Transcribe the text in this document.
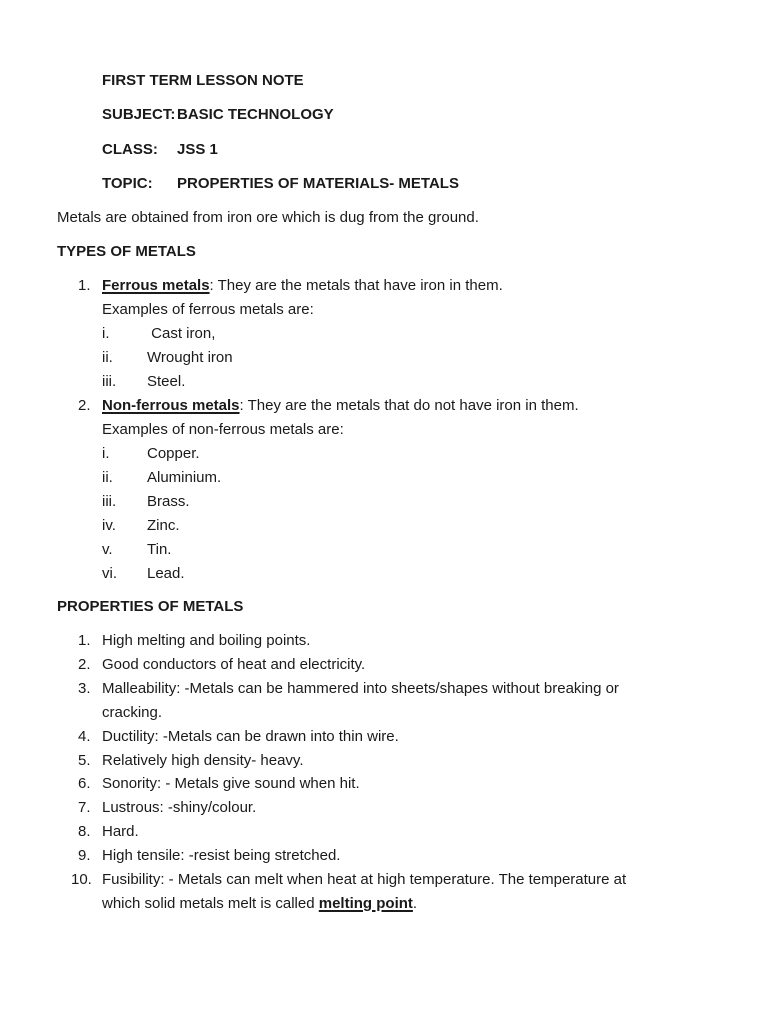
FIRST TERM LESSON NOTE
SUBJECT: BASIC TECHNOLOGY
CLASS: JSS 1
TOPIC: PROPERTIES OF MATERIALS- METALS
Metals are obtained from iron ore which is dug from the ground.
TYPES OF METALS
1. Ferrous metals: They are the metals that have iron in them.
Examples of ferrous metals are:
i.	Cast iron,
ii. Wrought iron
iii. Steel.
2. Non-ferrous metals: They are the metals that do not have iron in them.
Examples of non-ferrous metals are:
i.	Copper.
ii. Aluminium.
iii. Brass.
iv. Zinc.
v. Tin.
vi. Lead.
PROPERTIES OF METALS
1. High melting and boiling points.
2. Good conductors of heat and electricity.
3. Malleability: -Metals can be hammered into sheets/shapes without breaking or
cracking.
4. Ductility: -Metals can be drawn into thin wire.
5. Relatively high density- heavy.
6. Sonority: - Metals give sound when hit.
7. Lustrous: -shiny/colour.
8. Hard.
9. High tensile: -resist being stretched.
10. Fusibility: - Metals can melt when heat at high temperature. The temperature at
which solid metals melt is called melting point.
